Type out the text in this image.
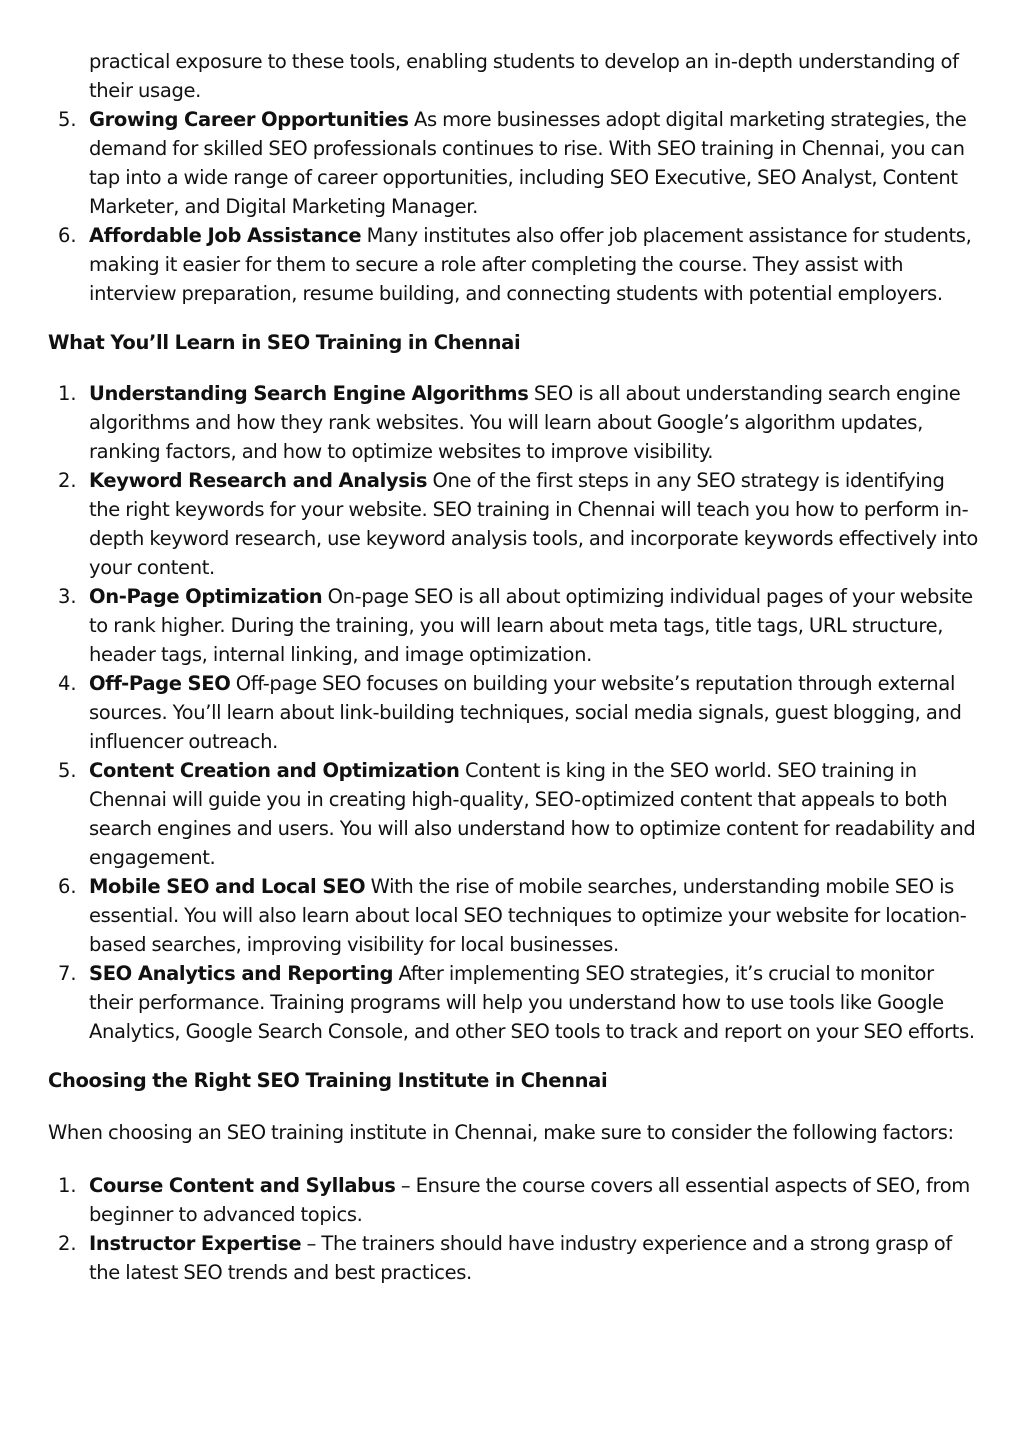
practical exposure to these tools, enabling students to develop an in-depth understanding of their usage.

5. Growing Career Opportunities As more businesses adopt digital marketing strategies, the demand for skilled SEO professionals continues to rise. With SEO training in Chennai, you can tap into a wide range of career opportunities, including SEO Executive, SEO Analyst, Content Marketer, and Digital Marketing Manager.
6. Affordable Job Assistance Many institutes also offer job placement assistance for students, making it easier for them to secure a role after completing the course. They assist with interview preparation, resume building, and connecting students with potential employers.
What You’ll Learn in SEO Training in Chennai
1. Understanding Search Engine Algorithms SEO is all about understanding search engine algorithms and how they rank websites. You will learn about Google’s algorithm updates, ranking factors, and how to optimize websites to improve visibility.
2. Keyword Research and Analysis One of the first steps in any SEO strategy is identifying the right keywords for your website. SEO training in Chennai will teach you how to perform in-depth keyword research, use keyword analysis tools, and incorporate keywords effectively into your content.
3. On-Page Optimization On-page SEO is all about optimizing individual pages of your website to rank higher. During the training, you will learn about meta tags, title tags, URL structure, header tags, internal linking, and image optimization.
4. Off-Page SEO Off-page SEO focuses on building your website’s reputation through external sources. You’ll learn about link-building techniques, social media signals, guest blogging, and influencer outreach.
5. Content Creation and Optimization Content is king in the SEO world. SEO training in Chennai will guide you in creating high-quality, SEO-optimized content that appeals to both search engines and users. You will also understand how to optimize content for readability and engagement.
6. Mobile SEO and Local SEO With the rise of mobile searches, understanding mobile SEO is essential. You will also learn about local SEO techniques to optimize your website for location-based searches, improving visibility for local businesses.
7. SEO Analytics and Reporting After implementing SEO strategies, it’s crucial to monitor their performance. Training programs will help you understand how to use tools like Google Analytics, Google Search Console, and other SEO tools to track and report on your SEO efforts.
Choosing the Right SEO Training Institute in Chennai

When choosing an SEO training institute in Chennai, make sure to consider the following factors:

1. Course Content and Syllabus – Ensure the course covers all essential aspects of SEO, from beginner to advanced topics.
2. Instructor Expertise – The trainers should have industry experience and a strong grasp of the latest SEO trends and best practices.
